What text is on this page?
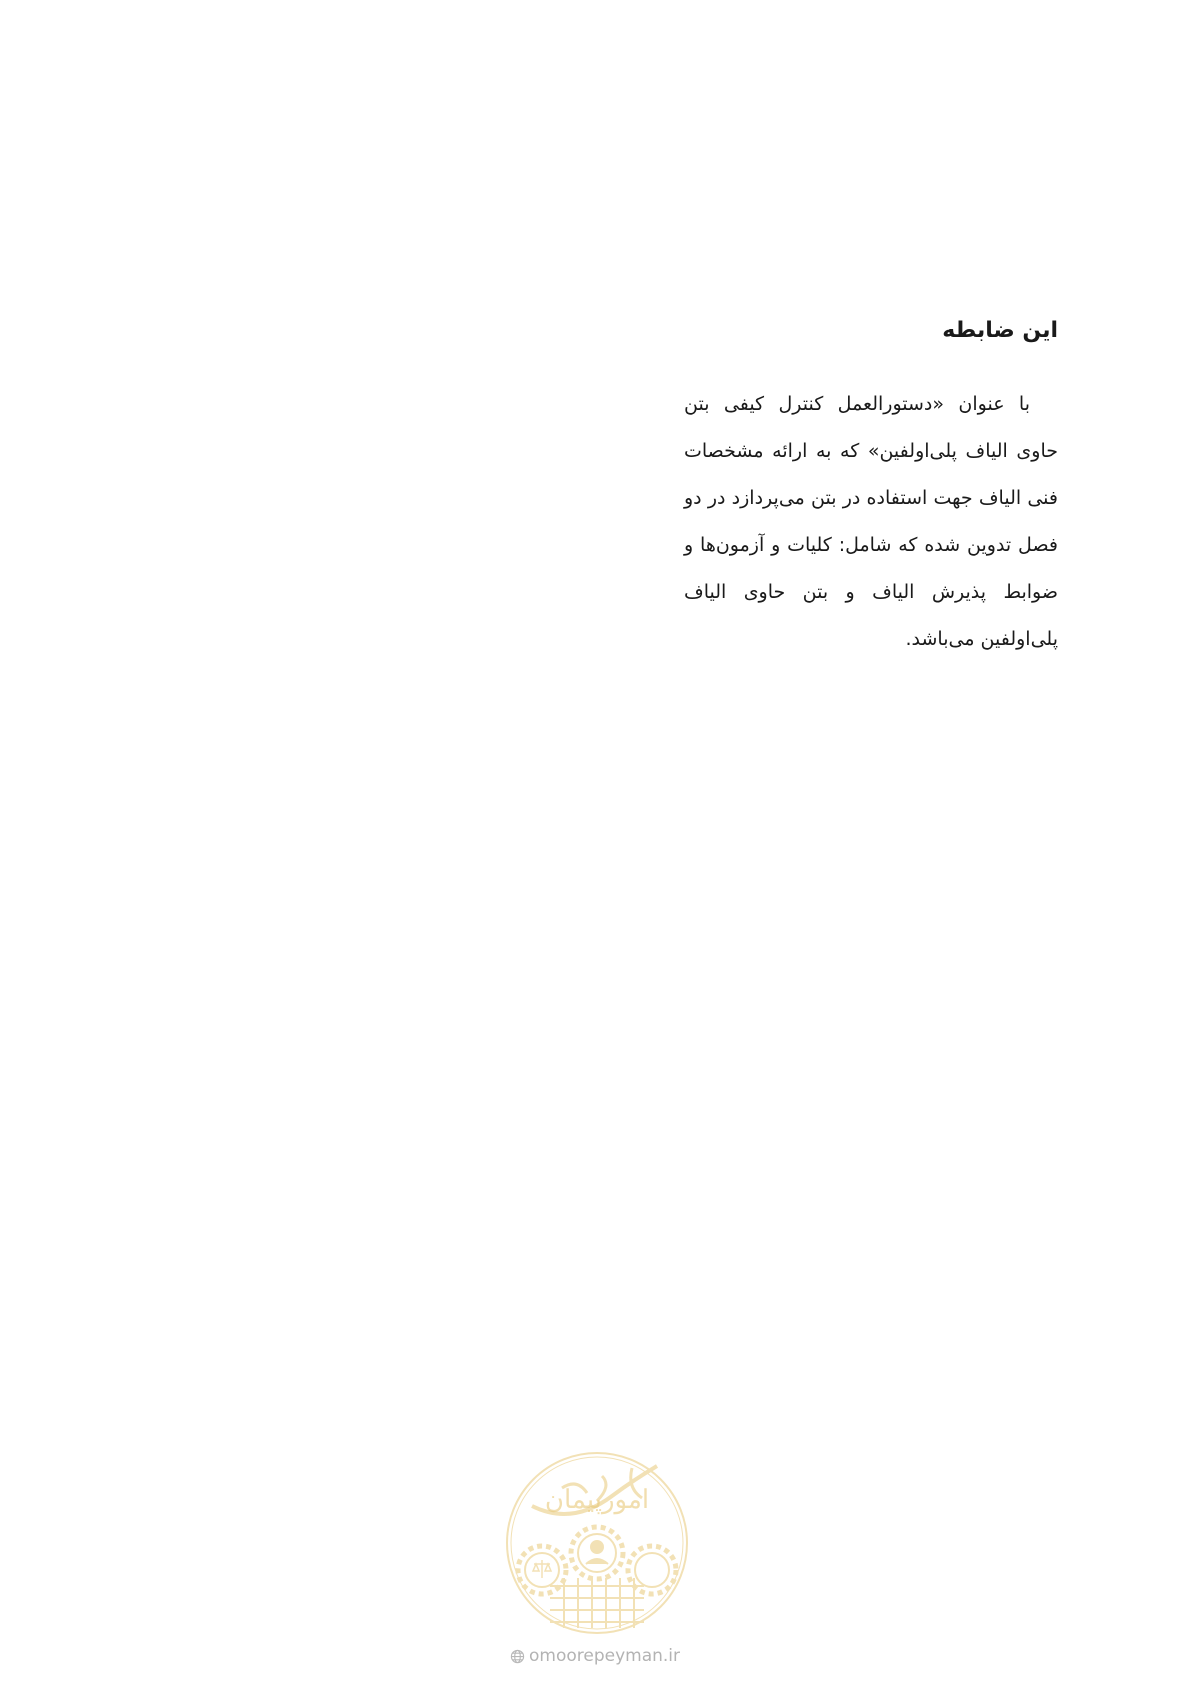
این ضابطه

با عنوان «دستورالعمل کنترل کیفی بتن حاوی الیاف پلی‌اولفین» که به ارائه مشخصات فنی الیاف جهت استفاده در بتن می‌پردازد در دو فصل تدوین شده که شامل: کلیات و آزمون‌ها و ضوابط پذیرش الیاف و بتن حاوی الیاف پلی‌اولفین می‌باشد.

امورپیمان
omoorepeyman.ir
